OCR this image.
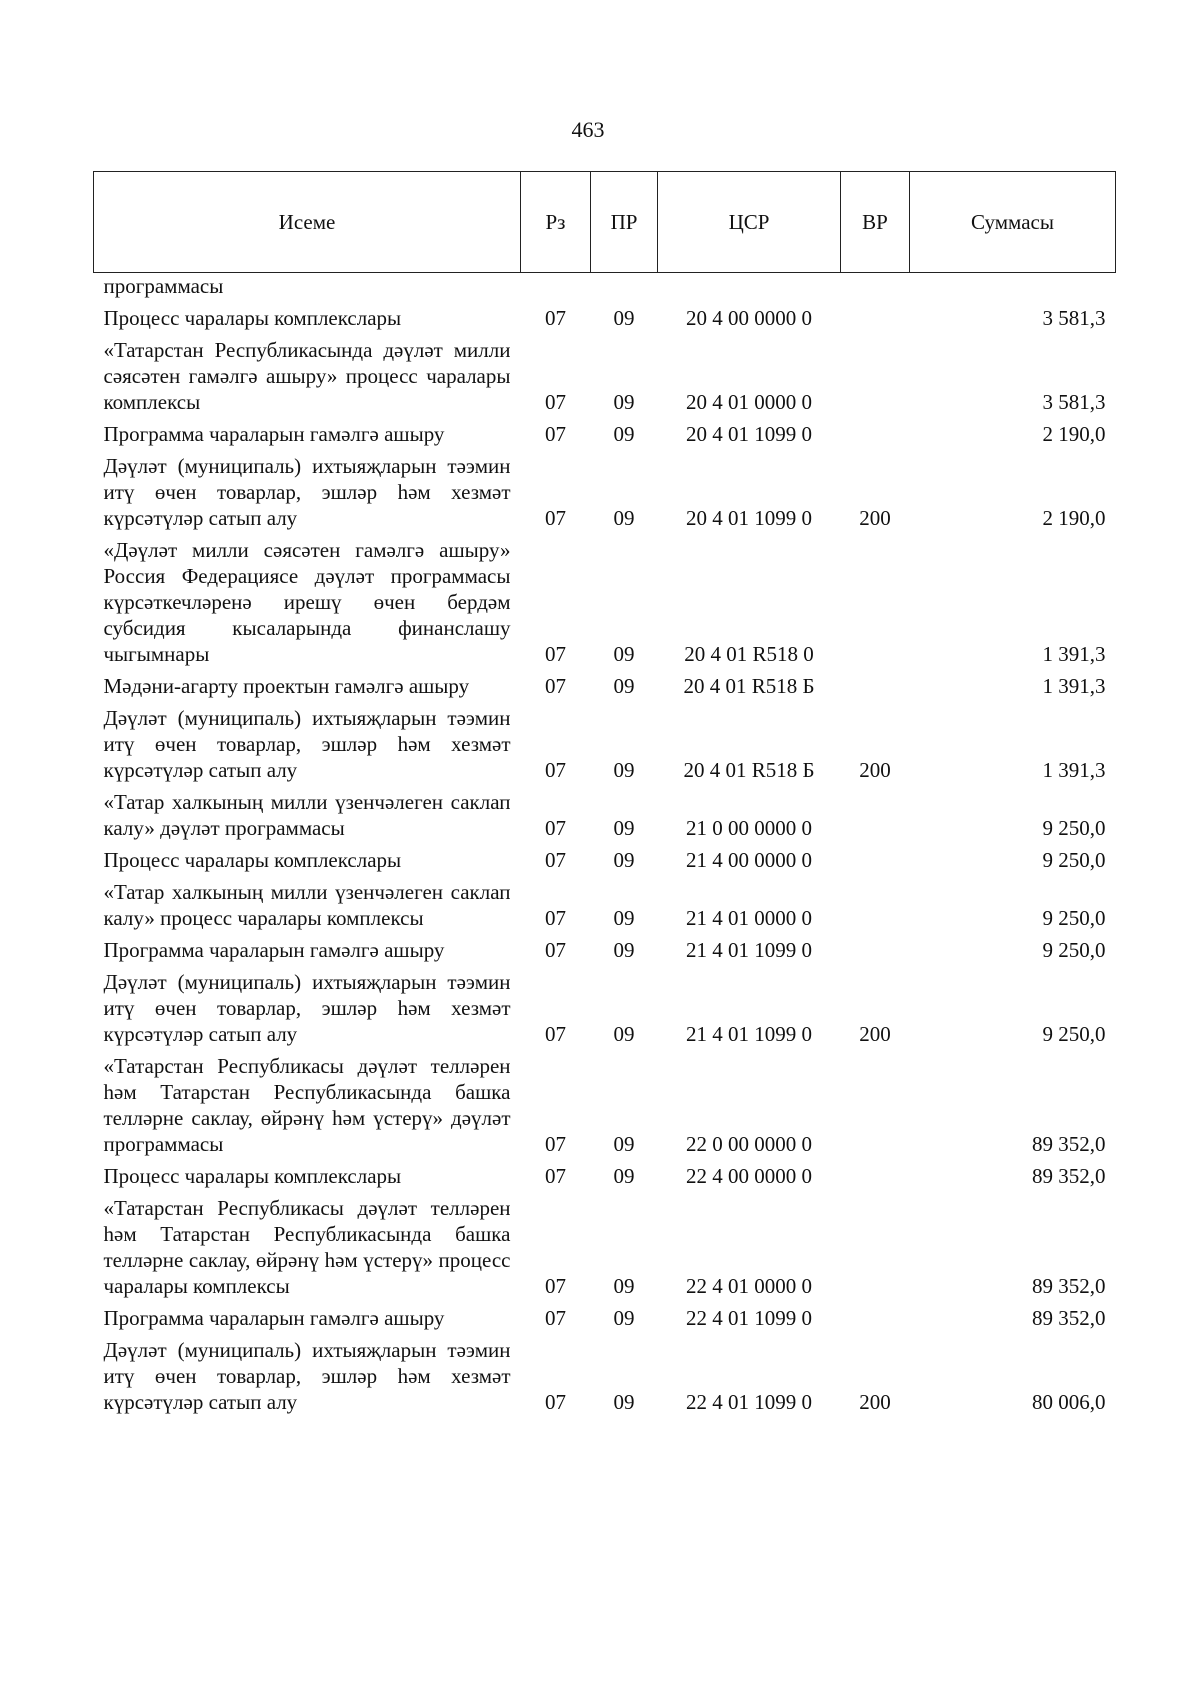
463
Исеме	Рз	ПР	ЦСР	ВР	Суммасы
программасы					
Процесс чаралары комплекслары	07	09	20 4 00 0000 0		3 581,3
«Татарстан Республикасында дәүләт милли сәясәтен гамәлгә ашыру» процесс чаралары комплексы	07	09	20 4 01 0000 0		3 581,3
Программа чараларын гамәлгә ашыру	07	09	20 4 01 1099 0		2 190,0
Дәүләт (муниципаль) ихтыяҗларын тәэмин итү өчен товарлар, эшләр һәм хезмәт күрсәтүләр сатып алу	07	09	20 4 01 1099 0	200	2 190,0
«Дәүләт милли сәясәтен гамәлгә ашыру» Россия Федерациясе дәүләт программасы күрсәткечләренә ирешү өчен бердәм субсидия кысаларында финанслашу чыгымнары	07	09	20 4 01 R518 0		1 391,3
Мәдәни-агарту проектын гамәлгә ашыру	07	09	20 4 01 R518 Б		1 391,3
Дәүләт (муниципаль) ихтыяҗларын тәэмин итү өчен товарлар, эшләр һәм хезмәт күрсәтүләр сатып алу	07	09	20 4 01 R518 Б	200	1 391,3
«Татар халкының милли үзенчәлеген саклап калу» дәүләт программасы	07	09	21 0 00 0000 0		9 250,0
Процесс чаралары комплекслары	07	09	21 4 00 0000 0		9 250,0
«Татар халкының милли үзенчәлеген саклап калу» процесс чаралары комплексы	07	09	21 4 01 0000 0		9 250,0
Программа чараларын гамәлгә ашыру	07	09	21 4 01 1099 0		9 250,0
Дәүләт (муниципаль) ихтыяҗларын тәэмин итү өчен товарлар, эшләр һәм хезмәт күрсәтүләр сатып алу	07	09	21 4 01 1099 0	200	9 250,0
«Татарстан Республикасы дәүләт телләрен һәм Татарстан Республикасында башка телләрне саклау, өйрәнү һәм үстерү» дәүләт программасы	07	09	22 0 00 0000 0		89 352,0
Процесс чаралары комплекслары	07	09	22 4 00 0000 0		89 352,0
«Татарстан Республикасы дәүләт телләрен һәм Татарстан Республикасында башка телләрне саклау, өйрәнү һәм үстерү» процесс чаралары комплексы	07	09	22 4 01 0000 0		89 352,0
Программа чараларын гамәлгә ашыру	07	09	22 4 01 1099 0		89 352,0
Дәүләт (муниципаль) ихтыяҗларын тәэмин итү өчен товарлар, эшләр һәм хезмәт күрсәтүләр сатып алу	07	09	22 4 01 1099 0	200	80 006,0
